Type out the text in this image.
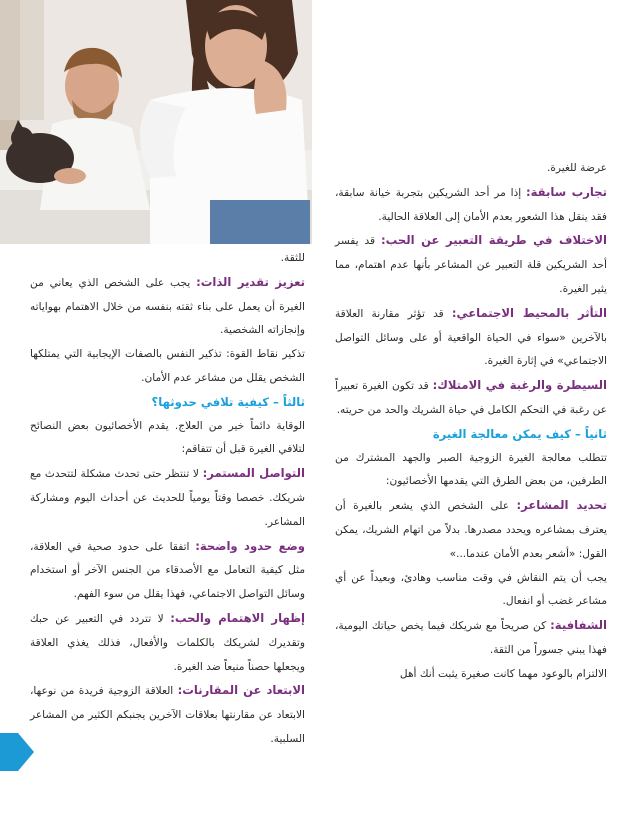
عرضة للغيرة.

تجارب سابقة: إذا مر أحد الشريكين بتجربة خيانة سابقة، فقد ينقل هذا الشعور بعدم الأمان إلى العلاقة الحالية.

الاختلاف في طريقة التعبير عن الحب: قد يفسر أحد الشريكين قلة التعبير عن المشاعر بأنها عدم اهتمام، مما يثير الغيرة.

التأثر بالمحيط الاجتماعي: قد تؤثر مقارنة العلاقة بالآخرين «سواء في الحياة الواقعية أو على وسائل التواصل الاجتماعي» في إثارة الغيرة.

السيطرة والرغبة في الامتلاك: قد تكون الغيرة تعبيراً عن رغبة في التحكم الكامل في حياة الشريك والحد من حريته.

ثانياً – كيف يمكن معالجة الغيرة

تتطلب معالجة الغيرة الزوجية الصبر والجهد المشترك من الطرفين، من بعض الطرق التي يقدمها الأخصائيون:

تحديد المشاعر: على الشخص الذي يشعر بالغيرة أن يعترف بمشاعره ويحدد مصدرها. بدلاً من اتهام الشريك، يمكن القول: «أشعر بعدم الأمان عندما...»

يجب أن يتم النقاش في وقت مناسب وهادئ، وبعيداً عن أي مشاعر غضب أو انفعال.

الشفافية: كن صريحاً مع شريكك فيما يخص حياتك اليومية، فهذا يبني جسوراً من الثقة.

الالتزام بالوعود مهما كانت صغيرة يثبت أنك أهل

للثقة.

تعزيز تقدير الذات: يجب على الشخص الذي يعاني من الغيرة أن يعمل على بناء ثقته بنفسه من خلال الاهتمام بهواياته وإنجازاته الشخصية.

تذكير نقاط القوة: تذكير النفس بالصفات الإيجابية التي يمتلكها الشخص يقلل من مشاعر عدم الأمان.

ثالثاً – كيفية تلافي حدوثها؟

الوقاية دائماً خير من العلاج. يقدم الأخصائيون بعض النصائح لتلافي الغيرة قبل أن تتفاقم:

التواصل المستمر: لا تنتظر حتى تحدث مشكلة لتتحدث مع شريكك. خصصا وقتاً يومياً للحديث عن أحداث اليوم ومشاركة المشاعر.

وضع حدود واضحة: اتفقا على حدود صحية في العلاقة، مثل كيفية التعامل مع الأصدقاء من الجنس الآخر أو استخدام وسائل التواصل الاجتماعي، فهذا يقلل من سوء الفهم.

إظهار الاهتمام والحب: لا تتردد في التعبير عن حبك وتقديرك لشريكك بالكلمات والأفعال، فذلك يغذي العلاقة ويجعلها حصناً منيعاً ضد الغيرة.

الابتعاد عن المقارنات: العلاقة الزوجية فريدة من نوعها، الابتعاد عن مقارنتها بعلاقات الآخرين يجنبكم الكثير من المشاعر السلبية.
